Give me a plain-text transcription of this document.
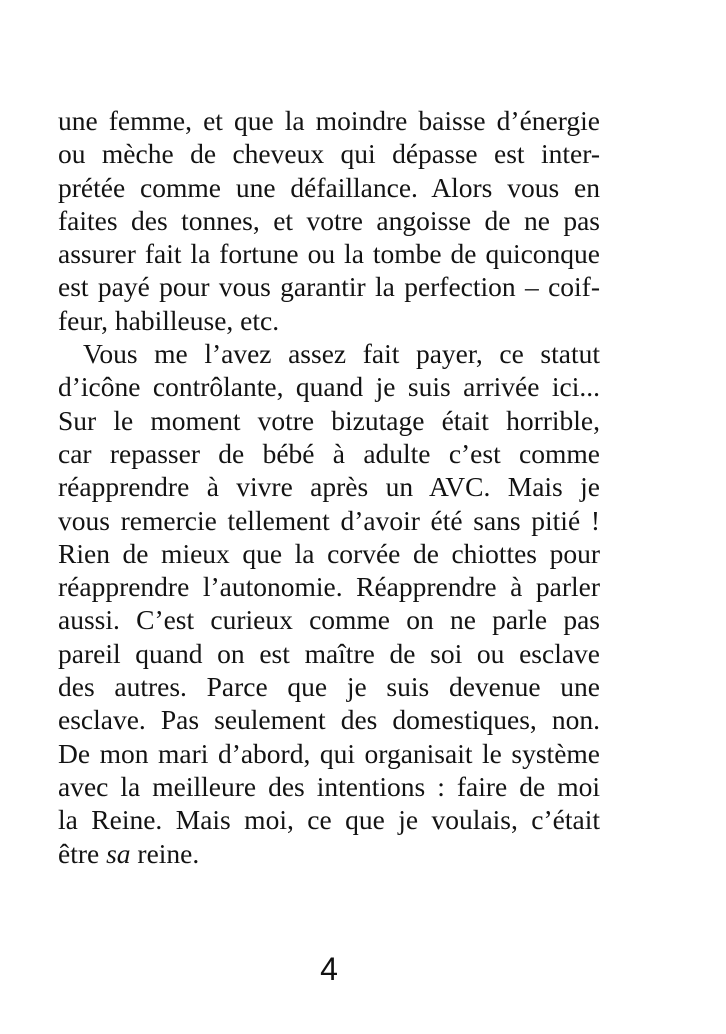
une femme, et que la moindre baisse d’énergie
ou mèche de cheveux qui dépasse est inter-
prétée comme une défaillance. Alors vous en
faites des tonnes, et votre angoisse de ne pas
assurer fait la fortune ou la tombe de quiconque
est payé pour vous garantir la perfection – coif-
feur, habilleuse, etc.

Vous me l’avez assez fait payer, ce statut
d’icône contrôlante, quand je suis arrivée ici...
Sur le moment votre bizutage était horrible,
car repasser de bébé à adulte c’est comme
réapprendre à vivre après un AVC. Mais je
vous remercie tellement d’avoir été sans pitié !
Rien de mieux que la corvée de chiottes pour
réapprendre l’autonomie. Réapprendre à parler
aussi. C’est curieux comme on ne parle pas
pareil quand on est maître de soi ou esclave
des autres. Parce que je suis devenue une
esclave. Pas seulement des domestiques, non.
De mon mari d’abord, qui organisait le système
avec la meilleure des intentions : faire de moi
la Reine. Mais moi, ce que je voulais, c’était
être sa reine.

4
